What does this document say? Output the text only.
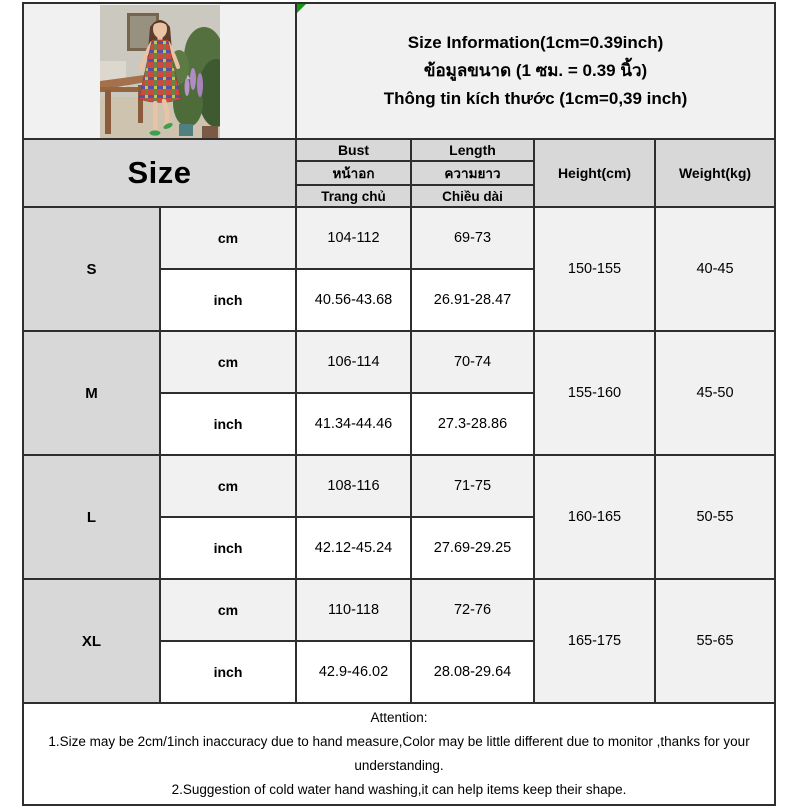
Size Information(1cm=0.39inch)
ข้อมูลขนาด (1 ซม. = 0.39 นิ้ว)
Thông tin kích thước (1cm=0,39 inch)			

Size		Bust	Length	Height(cm)	Weight(kg)
		หน้าอก	ความยาว		
		Trang chủ	Chiều dài		
S	cm	104-112	69-73	150-155	40-45
	inch	40.56-43.68	26.91-28.47		
M	cm	106-114	70-74	155-160	45-50
	inch	41.34-44.46	27.3-28.86		
L	cm	108-116	71-75	160-165	50-55
	inch	42.12-45.24	27.69-29.25		
XL	cm	110-118	72-76	165-175	55-65
	inch	42.9-46.02	28.08-29.64		

Attention:
1.Size may be 2cm/1inch inaccuracy due to hand measure,Color may be little different due to monitor ,thanks for your understanding.
2.Suggestion of cold water hand washing,it can help items keep their shape.					
